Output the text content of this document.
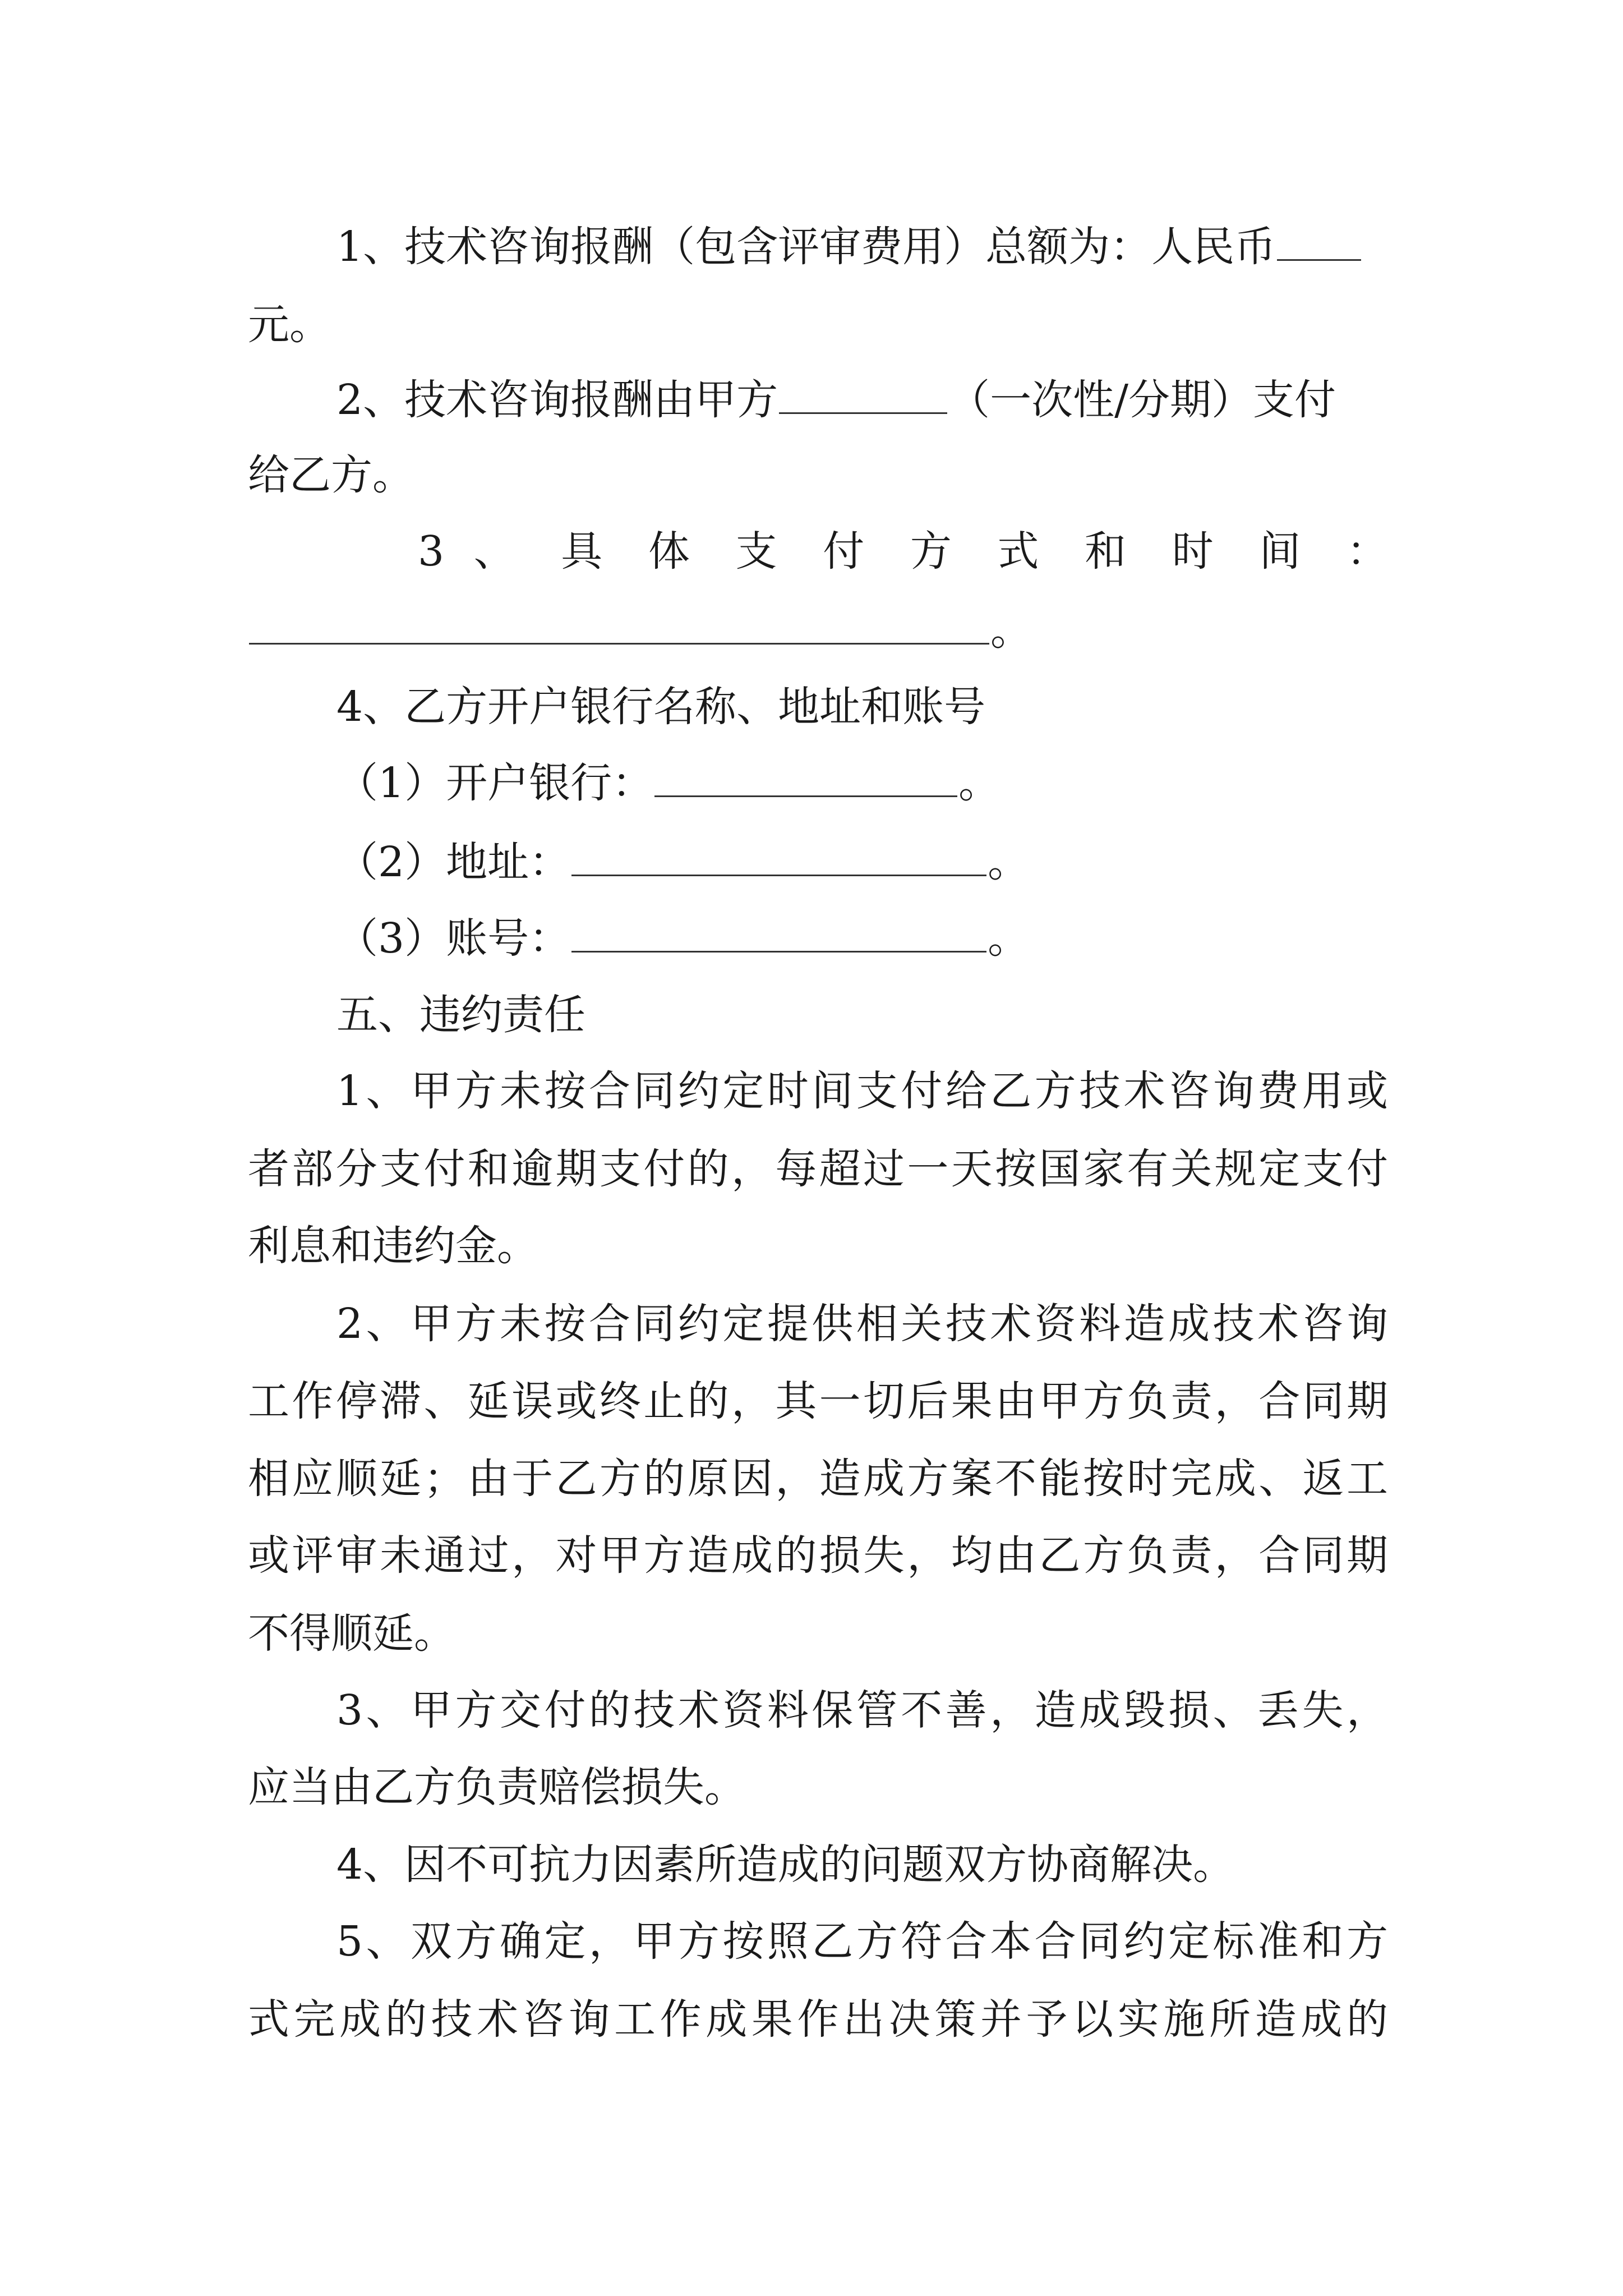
1、技术咨询报酬（包含评审费用）总额为：人民币
元。
2、技术咨询报酬由甲方	（一次性/分期）支付
给乙方。
3 、 具 体 支 付 方 式 和 时 间 ：
。
4、乙方开户银行名称、地址和账号
（1）开户银行：	。
（2）地址：	。
（3）账号：	。
五、违约责任
1、甲方未按合同约定时间支付给乙方技术咨询费用或
者部分支付和逾期支付的，每超过一天按国家有关规定支付
利息和违约金。
2、甲方未按合同约定提供相关技术资料造成技术咨询
工作停滞、延误或终止的，其一切后果由甲方负责，合同期
相应顺延；由于乙方的原因，造成方案不能按时完成、返工
或评审未通过，对甲方造成的损失，均由乙方负责，合同期
不得顺延。
3、甲方交付的技术资料保管不善，造成毁损、丢失，
应当由乙方负责赔偿损失。
4、因不可抗力因素所造成的问题双方协商解决。
5、双方确定，甲方按照乙方符合本合同约定标准和方
式完成的技术咨询工作成果作出决策并予以实施所造成的
